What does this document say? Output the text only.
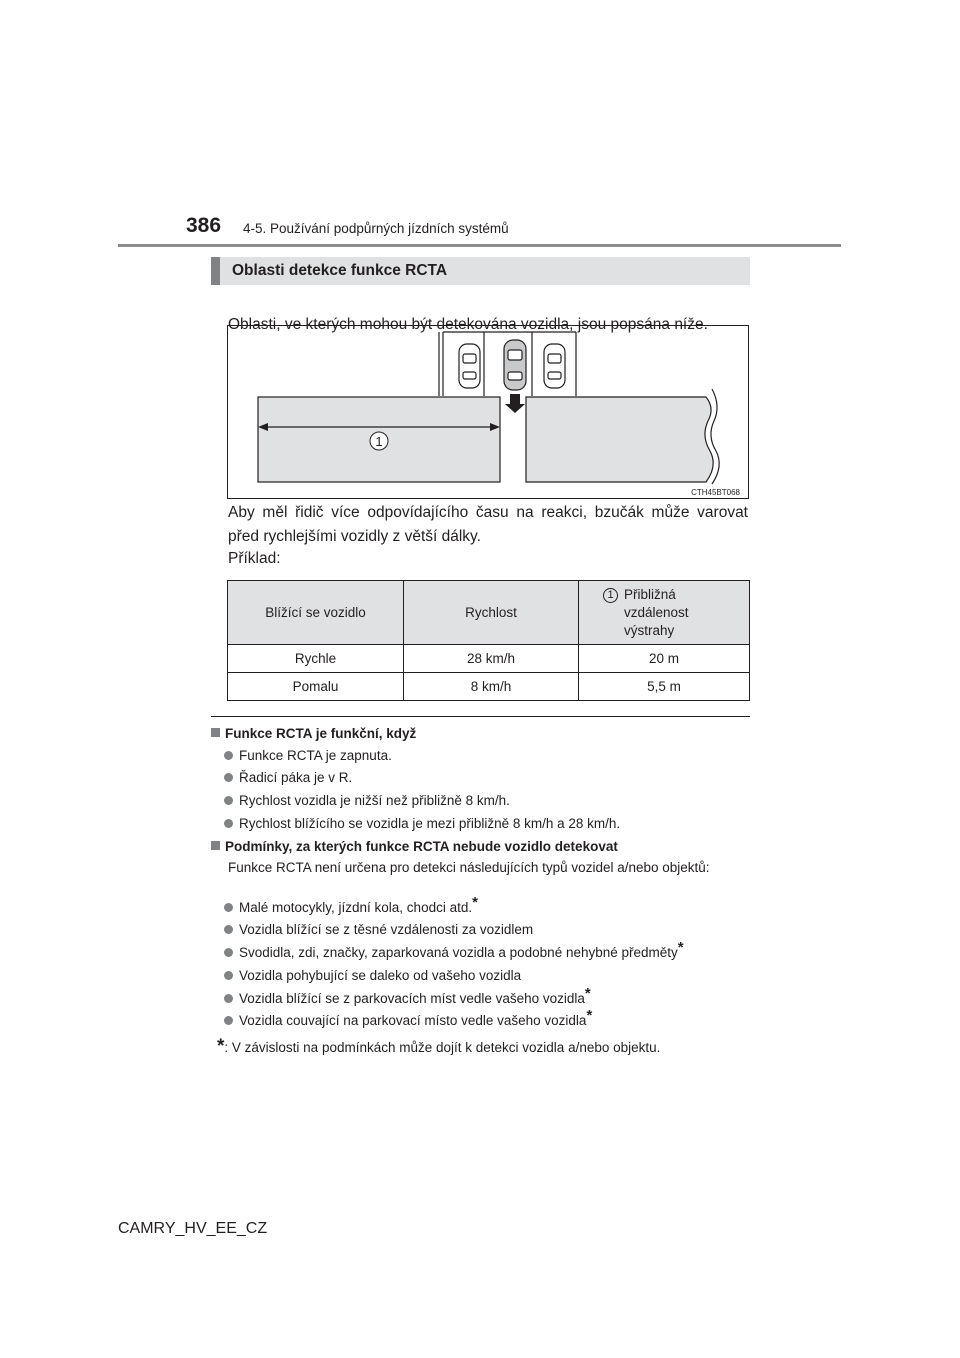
386 4-5. Používání podpůrných jízdních systémů
Oblasti detekce funkce RCTA
Oblasti, ve kterých mohou být detekována vozidla, jsou popsána níže.
1
CTH45BT068
Aby měl řidič více odpovídajícího času na reakci, bzučák může varovat před rychlejšími vozidly z větší dálky.
Příklad:
Blížící se vozidlo	Rychlost	1 Přibližná vzdálenost výstrahy

Rychle	28 km/h	20 m
Pomalu	8 km/h	5,5 m
Funkce RCTA je funkční, když
Funkce RCTA je zapnuta.
Řadicí páka je v R.
Rychlost vozidla je nižší než přibližně 8 km/h.
Rychlost blížícího se vozidla je mezi přibližně 8 km/h a 28 km/h.
Podmínky, za kterých funkce RCTA nebude vozidlo detekovat
Funkce RCTA není určena pro detekci následujících typů vozidel a/nebo objektů:
Malé motocykly, jízdní kola, chodci atd.*
Vozidla blížící se z těsné vzdálenosti za vozidlem
Svodidla, zdi, značky, zaparkovaná vozidla a podobné nehybné předměty*
Vozidla pohybující se daleko od vašeho vozidla
Vozidla blížící se z parkovacích míst vedle vašeho vozidla*
Vozidla couvající na parkovací místo vedle vašeho vozidla*
*: V závislosti na podmínkách může dojít k detekci vozidla a/nebo objektu.
CAMRY_HV_EE_CZ
